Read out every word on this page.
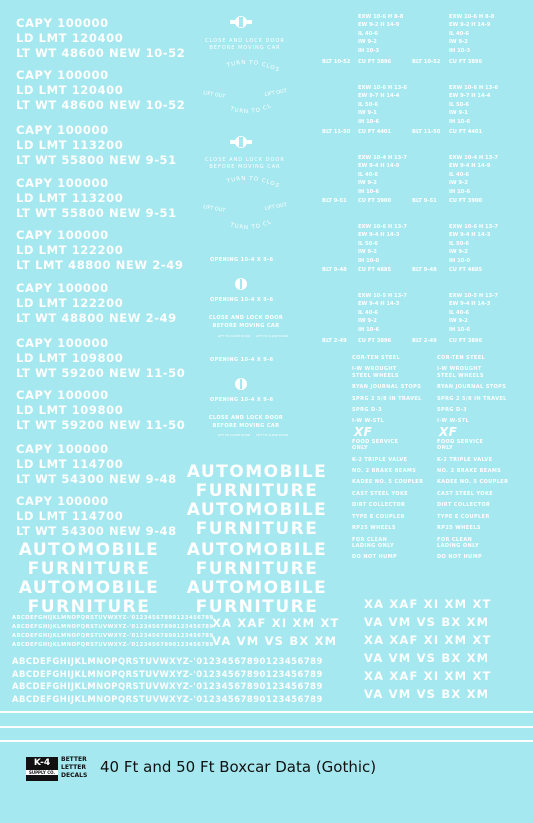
CAPY 100000
LD LMT 120400
LT WT 48600 NEW 10-52
CAPY 100000
LD LMT 120400
LT WT 48600 NEW 10-52
CAPY 100000
LD LMT 113200
LT WT 55800 NEW 9-51
CAPY 100000
LD LMT 113200
LT WT 55800 NEW 9-51
CAPY 100000
LD LMT 122200
LT LMT 48800 NEW 2-49
CAPY 100000
LD LMT 122200
LT WT 48800 NEW 2-49
CAPY 100000
LD LMT 109800
LT WT 59200 NEW 11-50
CAPY 100000
LD LMT 109800
LT WT 59200 NEW 11-50
CAPY 100000
LD LMT 114700
LT WT 54300 NEW 9-48
CAPY 100000
LD LMT 114700
LT WT 54300 NEW 9-48
CLOSE AND LOCK DOOR
BEFORE MOVING CAR
TURN TO CLOS
LIFT OUT	LIFT OUT
TURN TO CL
CLOSE AND LOCK DOOR
BEFORE MOVING CAR
TURN TO CLOS
LIFT OUT	LIFT OUT
TURN TO CL
OPENING 10-4 X 9-6
OPENING 10-4 X 9-6
CLOSE AND LOCK DOOR
BEFORE MOVING CAR
LIFT TO CLOSE DOOR LIFT TO CLOSE DOOR
OPENING 10-4 X 9-6
OPENING 10-4 X 9-6
CLOSE AND LOCK DOOR
BEFORE MOVING CAR
LIFT TO CLOSE DOOR LIFT TO CLOSE DOOR
EXW 10-6 H 8-8
EW 9-2 H 14-9
IL 40-6
IW 9-2
IH 10-3
EXW 10-6 H 8-8
EW 9-2 H 14-9
IL 40-6
IW 9-2
IH 10-3
BLT 10-52 CU FT 3896	BLT 10-52 CU FT 3896
EXW 10-6 H 13-6
EW 9-7 H 14-4
IL 50-6
IW 9-1
IH 10-6
EXW 10-6 H 13-6
EW 9-7 H 14-4
IL 50-6
IW 9-1
IH 10-6
BLT 11-50 CU FT 4401	BLT 11-50 CU FT 4401
EXW 10-4 H 13-7
EW 9-4 H 14-9
IL 40-6
IW 9-2
IH 10-6
EXW 10-4 H 13-7
EW 9-4 H 14-9
IL 40-6
IW 9-2
IH 10-6
BLT 9-51 CU FT 3900	BLT 9-51 CU FT 3900
EXW 10-6 H 13-7
EW 9-4 H 14-3
IL 50-6
IW 9-2
IH 10-0
EXW 10-6 H 13-7
EW 9-4 H 14-3
IL 50-6
IW 9-2
IH 10-0
BLT 9-48 CU FT 4885	BLT 9-48 CU FT 4885
EXW 10-5 H 13-7
EW 9-4 H 14-3
IL 40-6
IW 9-2
IH 10-6
EXW 10-5 H 13-7
EW 9-4 H 14-3
IL 40-6
IW 9-2
IH 10-6
BLT 2-49 CU FT 3896	BLT 2-49 CU FT 3896
COR-TEN STEEL
I-W WROUGHT
STEEL WHEELS
RYAN JOURNAL STOPS
SPRG 2 5/8 IN TRAVEL
SPRG D-3
I-W W-STL
XF
FOOD SERVICE
ONLY
K-2 TRIPLE VALVE
NO. 2 BRAKE BEAMS
KADEE NO. 5 COUPLER
CAST STEEL YOKE
DIRT COLLECTOR
TYPE E COUPLER
RP25 WHEELS
FOR CLEAN
LADING ONLY
DO NOT HUMP
COR-TEN STEEL
I-W WROUGHT
STEEL WHEELS
RYAN JOURNAL STOPS
SPRG 2 5/8 IN TRAVEL
SPRG D-3
I-W W-STL
XF
FOOD SERVICE
ONLY
K-2 TRIPLE VALVE
NO. 2 BRAKE BEAMS
KADEE NO. 5 COUPLER
CAST STEEL YOKE
DIRT COLLECTOR
TYPE E COUPLER
RP25 WHEELS
FOR CLEAN
LADING ONLY
DO NOT HUMP
AUTOMOBILE
FURNITURE
AUTOMOBILE
FURNITURE
AUTOMOBILE
FURNITURE
AUTOMOBILE
FURNITURE
AUTOMOBILE
FURNITURE
AUTOMOBILE
FURNITURE
XA XAF XI XM XT
VA VM VS BX XM
XA XAF XI XM XT
VA VM VS BX XM
XA XAF XI XM XT
VA VM VS BX XM
XA XAF XI XM XT
VA VM VS BX XM
ABCDEFGHIJKLMNOPQRSTUVWXYZ-'01234567890123456789
ABCDEFGHIJKLMNOPQRSTUVWXYZ-'01234567890123456789
ABCDEFGHIJKLMNOPQRSTUVWXYZ-'01234567890123456789
ABCDEFGHIJKLMNOPQRSTUVWXYZ-'01234567890123456789
ABCDEFGHIJKLMNOPQRSTUVWXYZ-'01234567890123456789
ABCDEFGHIJKLMNOPQRSTUVWXYZ-'01234567890123456789
ABCDEFGHIJKLMNOPQRSTUVWXYZ-'01234567890123456789
ABCDEFGHIJKLMNOPQRSTUVWXYZ-'01234567890123456789
K-4
SUPPLY CO.
BETTER
LETTER
DECALS 40 Ft and 50 Ft Boxcar Data (Gothic)
